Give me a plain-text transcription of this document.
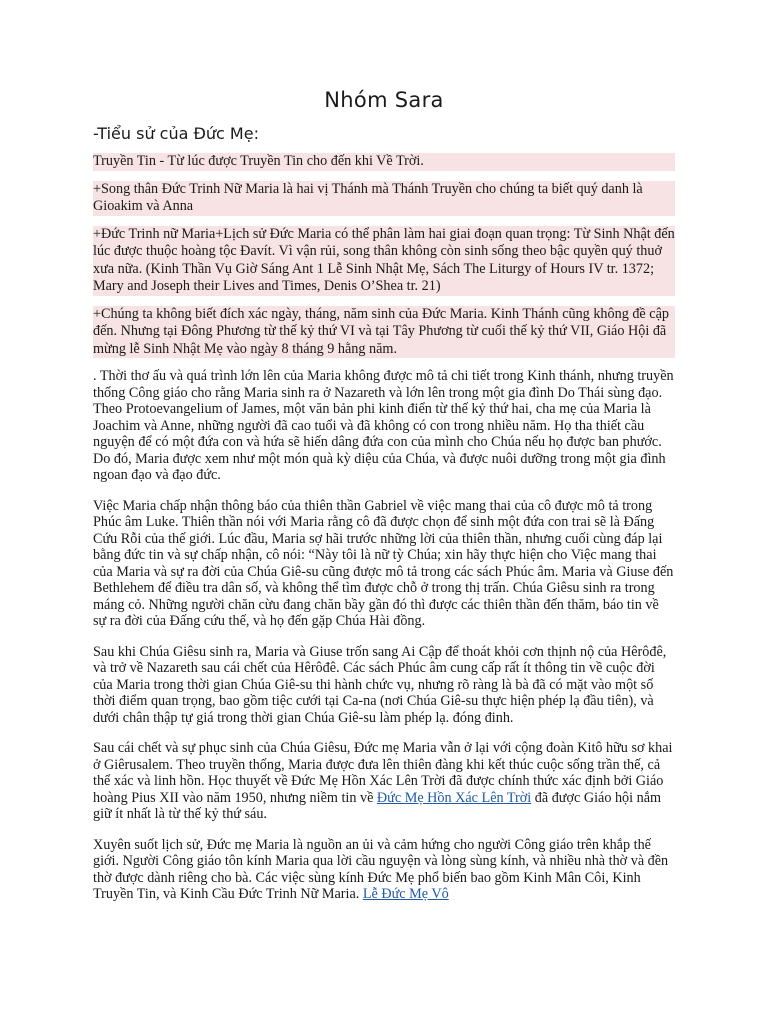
Nhóm Sara
-Tiểu sử của Đức Mẹ:

Truyền Tin - Từ lúc được Truyền Tin cho đến khi Về Trời.

+Song thân Đức Trinh Nữ Maria là hai vị Thánh mà Thánh Truyền cho chúng ta biết quý danh là Gioakim và Anna

+Đức Trinh nữ Maria+Lịch sử Đức Maria có thể phân làm hai giai đoạn quan trọng: Từ Sinh Nhật đến lúc được thuộc hoàng tộc Đavít. Vì vận rủi, song thân không còn sinh sống theo bậc quyền quý thuở xưa nữa. (Kinh Thần Vụ Giờ Sáng Ant 1 Lễ Sinh Nhật Mẹ, Sách The Liturgy of Hours IV tr. 1372; Mary and Joseph their Lives and Times, Denis O’Shea tr. 21)

+Chúng ta không biết đích xác ngày, tháng, năm sinh của Đức Maria. Kinh Thánh cũng không đề cập đến. Nhưng tại Đông Phương từ thế kỷ thứ VI và tại Tây Phương từ cuối thế kỷ thứ VII, Giáo Hội đã mừng lễ Sinh Nhật Mẹ vào ngày 8 tháng 9 hằng năm.

. Thời thơ ấu và quá trình lớn lên của Maria không được mô tả chi tiết trong Kinh thánh, nhưng truyền thống Công giáo cho rằng Maria sinh ra ở Nazareth và lớn lên trong một gia đình Do Thái sùng đạo. Theo Protoevangelium of James, một văn bản phi kinh điển từ thế kỷ thứ hai, cha mẹ của Maria là Joachim và Anne, những người đã cao tuổi và đã không có con trong nhiều năm. Họ tha thiết cầu nguyện để có một đứa con và hứa sẽ hiến dâng đứa con của mình cho Chúa nếu họ được ban phước. Do đó, Maria được xem như một món quà kỳ diệu của Chúa, và được nuôi dưỡng trong một gia đình ngoan đạo và đạo đức.

Việc Maria chấp nhận thông báo của thiên thần Gabriel về việc mang thai của cô được mô tả trong Phúc âm Luke. Thiên thần nói với Maria rằng cô đã được chọn để sinh một đứa con trai sẽ là Đấng Cứu Rỗi của thế giới. Lúc đầu, Maria sợ hãi trước những lời của thiên thần, nhưng cuối cùng đáp lại bằng đức tin và sự chấp nhận, cô nói: “Này tôi là nữ tỳ Chúa; xin hãy thực hiện cho Việc mang thai của Maria và sự ra đời của Chúa Giê-su cũng được mô tả trong các sách Phúc âm. Maria và Giuse đến Bethlehem để điều tra dân số, và không thể tìm được chỗ ở trong thị trấn. Chúa Giêsu sinh ra trong máng cỏ. Những người chăn cừu đang chăn bầy gần đó thì được các thiên thần đến thăm, báo tin về sự ra đời của Đấng cứu thế, và họ đến gặp Chúa Hài đồng.

Sau khi Chúa Giêsu sinh ra, Maria và Giuse trốn sang Ai Cập để thoát khỏi cơn thịnh nộ của Hêrôđê, và trở về Nazareth sau cái chết của Hêrôđê. Các sách Phúc âm cung cấp rất ít thông tin về cuộc đời của Maria trong thời gian Chúa Giê-su thi hành chức vụ, nhưng rõ ràng là bà đã có mặt vào một số thời điểm quan trọng, bao gồm tiệc cưới tại Ca-na (nơi Chúa Giê-su thực hiện phép lạ đầu tiên), và dưới chân thập tự giá trong thời gian Chúa Giê-su làm phép lạ. đóng đinh.

Sau cái chết và sự phục sinh của Chúa Giêsu, Đức mẹ Maria vẫn ở lại với cộng đoàn Kitô hữu sơ khai ở Giêrusalem. Theo truyền thống, Maria được đưa lên thiên đàng khi kết thúc cuộc sống trần thế, cả thể xác và linh hồn. Học thuyết về Đức Mẹ Hồn Xác Lên Trời đã được chính thức xác định bởi Giáo hoàng Pius XII vào năm 1950, nhưng niềm tin về Đức Mẹ Hồn Xác Lên Trời đã được Giáo hội nắm giữ ít nhất là từ thế kỷ thứ sáu.

Xuyên suốt lịch sử, Đức mẹ Maria là nguồn an ủi và cảm hứng cho người Công giáo trên khắp thế giới. Người Công giáo tôn kính Maria qua lời cầu nguyện và lòng sùng kính, và nhiều nhà thờ và đền thờ được dành riêng cho bà. Các việc sùng kính Đức Mẹ phổ biến bao gồm Kinh Mân Côi, Kinh Truyền Tin, và Kinh Cầu Đức Trinh Nữ Maria. Lễ Đức Mẹ Vô
